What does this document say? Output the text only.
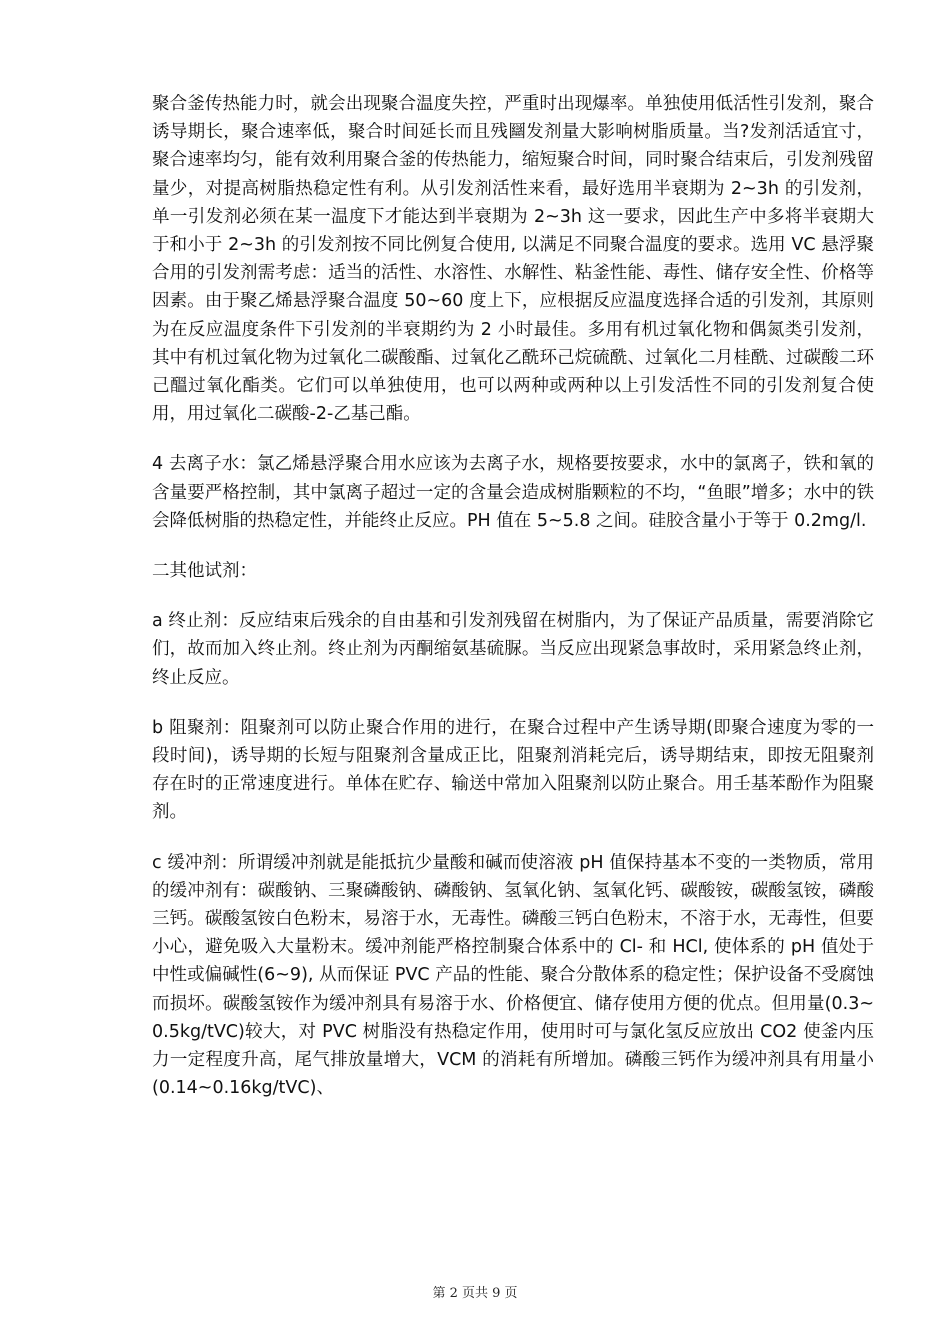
聚合釜传热能力时，就会出现聚合温度失控，严重时出现爆率。单独使用低活性引发剂，聚合诱导期长，聚合速率低，聚合时间延长而且残圝发剂量大影响树脂质量。当?发剂活适宜寸，聚合速率均匀，能有效利用聚合釜的传热能力，缩短聚合时间，同时聚合结束后，引发剂残留量少，对提高树脂热稳定性有利。从引发剂活性来看，最好选用半衰期为 2~3h 的引发剂，单一引发剂必须在某一温度下才能达到半衰期为 2~3h 这一要求，因此生产中多将半衰期大于和小于 2~3h 的引发剂按不同比例复合使用, 以满足不同聚合温度的要求。选用 VC 悬浮聚合用的引发剂需考虑：适当的活性、水溶性、水解性、粘釜性能、毒性、储存安全性、价格等因素。由于聚乙烯悬浮聚合温度 50~60 度上下，应根据反应温度选择合适的引发剂，其原则为在反应温度条件下引发剂的半衰期约为 2 小时最佳。多用有机过氧化物和偶氮类引发剂，其中有机过氧化物为过氧化二碳酸酯、过氧化乙酰环己烷硫酰、过氧化二月桂酰、过碳酸二环己醞过氧化酯类。它们可以单独使用，也可以两种或两种以上引发活性不同的引发剂复合使用，用过氧化二碳酸-2-乙基己酯。

4 去离子水：氯乙烯悬浮聚合用水应该为去离子水，规格要按要求，水中的氯离子，铁和氧的含量要严格控制，其中氯离子超过一定的含量会造成树脂颗粒的不均，“鱼眼”增多；水中的铁会降低树脂的热稳定性，并能终止反应。PH 值在 5~5.8 之间。硅胶含量小于等于 0.2mg/l.

二其他试剂：

a 终止剂：反应结束后残余的自由基和引发剂残留在树脂内，为了保证产品质量，需要消除它们，故而加入终止剂。终止剂为丙酮缩氨基硫脲。当反应出现紧急事故时，采用紧急终止剂，终止反应。

b 阻聚剂：阻聚剂可以防止聚合作用的进行，在聚合过程中产生诱导期(即聚合速度为零的一段时间)，诱导期的长短与阻聚剂含量成正比，阻聚剂消耗完后，诱导期结束，即按无阻聚剂存在时的正常速度进行。单体在贮存、输送中常加入阻聚剂以防止聚合。用壬基苯酚作为阻聚剂。

c 缓冲剂：所谓缓冲剂就是能抵抗少量酸和碱而使溶液 pH 值保持基本不变的一类物质，常用的缓冲剂有：碳酸钠、三聚磷酸钠、磷酸钠、氢氧化钠、氢氧化钙、碳酸铵，碳酸氢铵，磷酸三钙。碳酸氢铵白色粉末，易溶于水，无毒性。磷酸三钙白色粉末，不溶于水，无毒性，但要小心，避免吸入大量粉末。缓冲剂能严格控制聚合体系中的 Cl- 和 HCl, 使体系的 pH 值处于中性或偏碱性(6~9), 从而保证 PVC 产品的性能、聚合分散体系的稳定性；保护设备不受腐蚀而损坏。碳酸氢铵作为缓冲剂具有易溶于水、价格便宜、储存使用方便的优点。但用量(0.3~0.5kg/tVC)较大，对 PVC 树脂没有热稳定作用，使用时可与氯化氢反应放出 CO2 使釜内压力一定程度升高，尾气排放量增大，VCM 的消耗有所增加。磷酸三钙作为缓冲剂具有用量小(0.14~0.16kg/tVC)、

第 2 页共 9 页
